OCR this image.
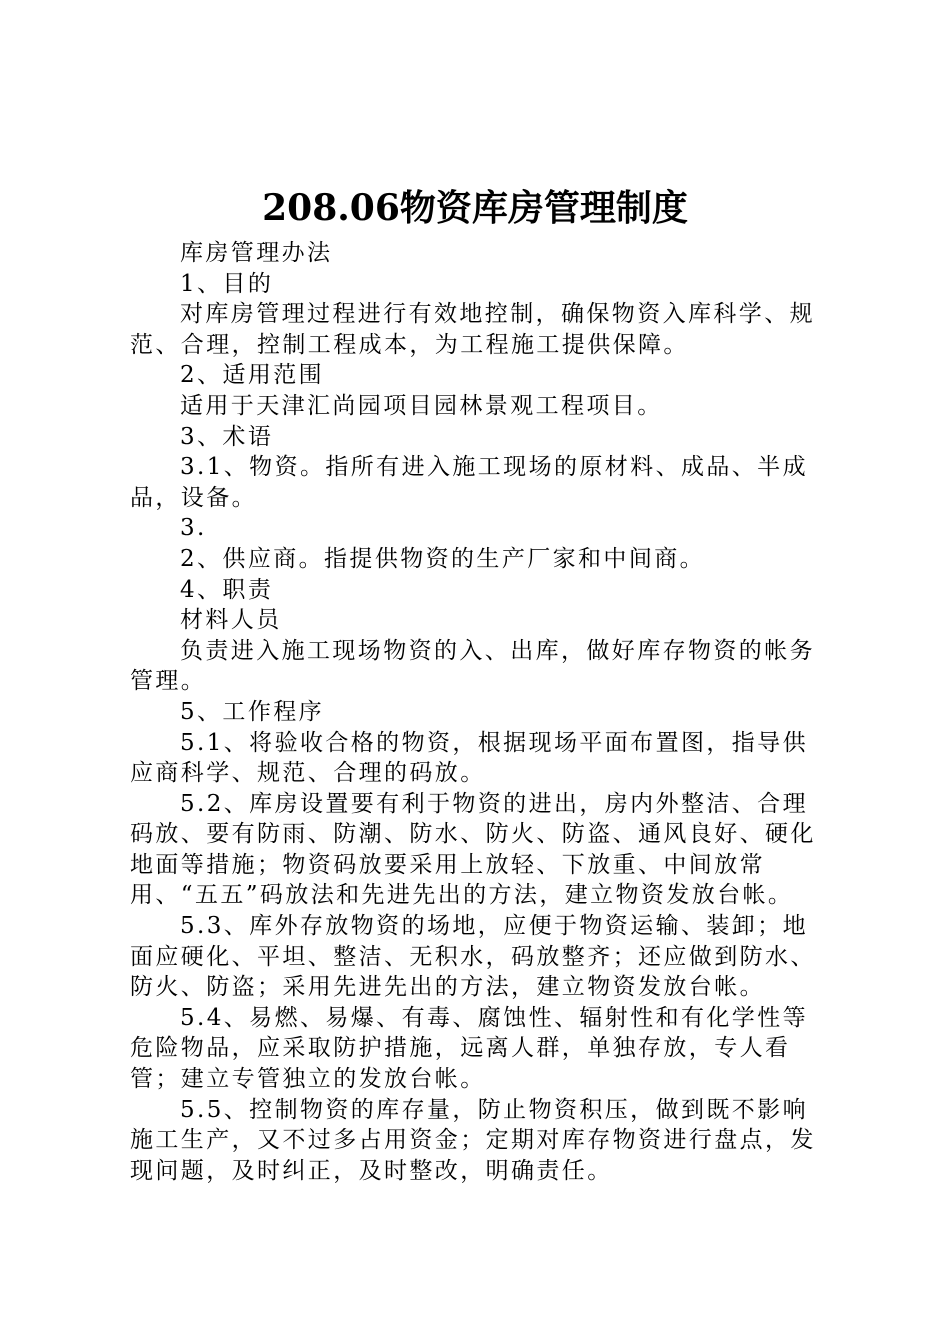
208.06物资库房管理制度

库房管理办法

1、目的

对库房管理过程进行有效地控制，确保物资入库科学、规范、合理，控制工程成本，为工程施工提供保障。

2、适用范围

适用于天津汇尚园项目园林景观工程项目。

3、术语

3.1、物资。指所有进入施工现场的原材料、成品、半成品，设备。

3.

2、供应商。指提供物资的生产厂家和中间商。

4、职责

材料人员

负责进入施工现场物资的入、出库，做好库存物资的帐务管理。

5、工作程序

5.1、将验收合格的物资，根据现场平面布置图，指导供应商科学、规范、合理的码放。

5.2、库房设置要有利于物资的进出，房内外整洁、合理码放、要有防雨、防潮、防水、防火、防盗、通风良好、硬化地面等措施；物资码放要采用上放轻、下放重、中间放常用、“五五”码放法和先进先出的方法，建立物资发放台帐。

5.3、库外存放物资的场地，应便于物资运输、装卸；地面应硬化、平坦、整洁、无积水，码放整齐；还应做到防水、防火、防盗；采用先进先出的方法，建立物资发放台帐。

5.4、易燃、易爆、有毒、腐蚀性、辐射性和有化学性等危险物品，应采取防护措施，远离人群，单独存放，专人看管；建立专管独立的发放台帐。

5.5、控制物资的库存量，防止物资积压，做到既不影响施工生产，又不过多占用资金；定期对库存物资进行盘点，发现问题，及时纠正，及时整改，明确责任。
